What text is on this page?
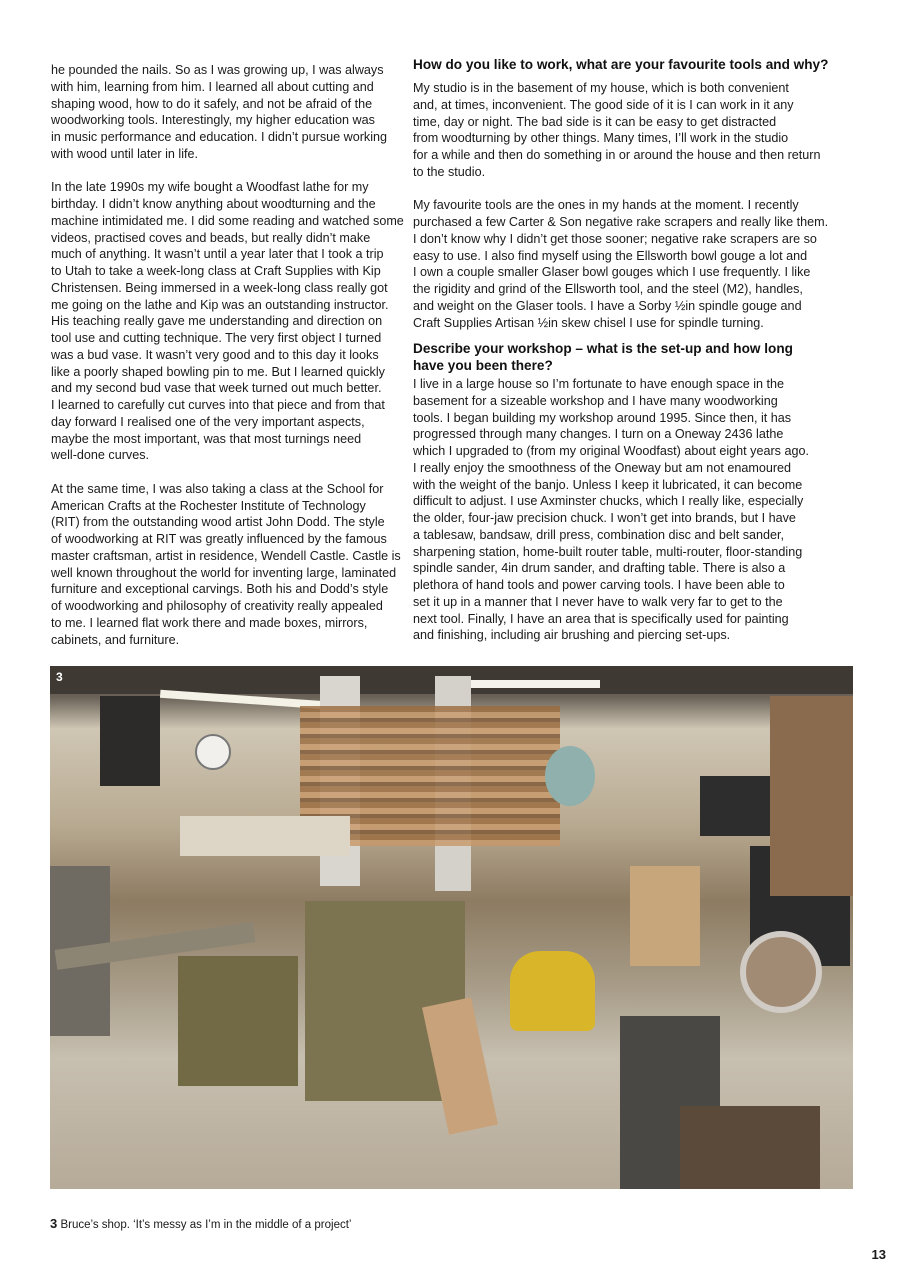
he pounded the nails. So as I was growing up, I was always
with him, learning from him. I learned all about cutting and
shaping wood, how to do it safely, and not be afraid of the
woodworking tools. Interestingly, my higher education was
in music performance and education. I didn’t pursue working
with wood until later in life.
In the late 1990s my wife bought a Woodfast lathe for my
birthday. I didn’t know anything about woodturning and the
machine intimidated me. I did some reading and watched some
videos, practised coves and beads, but really didn’t make
much of anything. It wasn’t until a year later that I took a trip
to Utah to take a week-long class at Craft Supplies with Kip
Christensen. Being immersed in a week-long class really got
me going on the lathe and Kip was an outstanding instructor.
His teaching really gave me understanding and direction on
tool use and cutting technique. The very first object I turned
was a bud vase. It wasn’t very good and to this day it looks
like a poorly shaped bowling pin to me. But I learned quickly
and my second bud vase that week turned out much better.
I learned to carefully cut curves into that piece and from that
day forward I realised one of the very important aspects,
maybe the most important, was that most turnings need
well-done curves.
At the same time, I was also taking a class at the School for
American Crafts at the Rochester Institute of Technology
(RIT) from the outstanding wood artist John Dodd. The style
of woodworking at RIT was greatly influenced by the famous
master craftsman, artist in residence, Wendell Castle. Castle is
well known throughout the world for inventing large, laminated
furniture and exceptional carvings. Both his and Dodd’s style
of woodworking and philosophy of creativity really appealed
to me. I learned flat work there and made boxes, mirrors,
cabinets, and furniture.
How do you like to work, what are your favourite tools and why?
My studio is in the basement of my house, which is both convenient
and, at times, inconvenient. The good side of it is I can work in it any
time, day or night. The bad side is it can be easy to get distracted
from woodturning by other things. Many times, I’ll work in the studio
for a while and then do something in or around the house and then return
to the studio.
My favourite tools are the ones in my hands at the moment. I recently
purchased a few Carter & Son negative rake scrapers and really like them.
I don’t know why I didn’t get those sooner; negative rake scrapers are so
easy to use. I also find myself using the Ellsworth bowl gouge a lot and
I own a couple smaller Glaser bowl gouges which I use frequently. I like
the rigidity and grind of the Ellsworth tool, and the steel (M2), handles,
and weight on the Glaser tools. I have a Sorby ½in spindle gouge and
Craft Supplies Artisan ½in skew chisel I use for spindle turning.
Describe your workshop – what is the set-up and how long
have you been there?
I live in a large house so I’m fortunate to have enough space in the
basement for a sizeable workshop and I have many woodworking
tools. I began building my workshop around 1995. Since then, it has
progressed through many changes. I turn on a Oneway 2436 lathe
which I upgraded to (from my original Woodfast) about eight years ago.
I really enjoy the smoothness of the Oneway but am not enamoured
with the weight of the banjo. Unless I keep it lubricated, it can become
difficult to adjust. I use Axminster chucks, which I really like, especially
the older, four-jaw precision chuck. I won’t get into brands, but I have
a tablesaw, bandsaw, drill press, combination disc and belt sander,
sharpening station, home-built router table, multi-router, floor-standing
spindle sander, 4in drum sander, and drafting table. There is also a
plethora of hand tools and power carving tools. I have been able to
set it up in a manner that I never have to walk very far to get to the
next tool. Finally, I have an area that is specifically used for painting
and finishing, including air brushing and piercing set-ups.
3
3 Bruce’s shop. ‘It’s messy as I’m in the middle of a project’
13
